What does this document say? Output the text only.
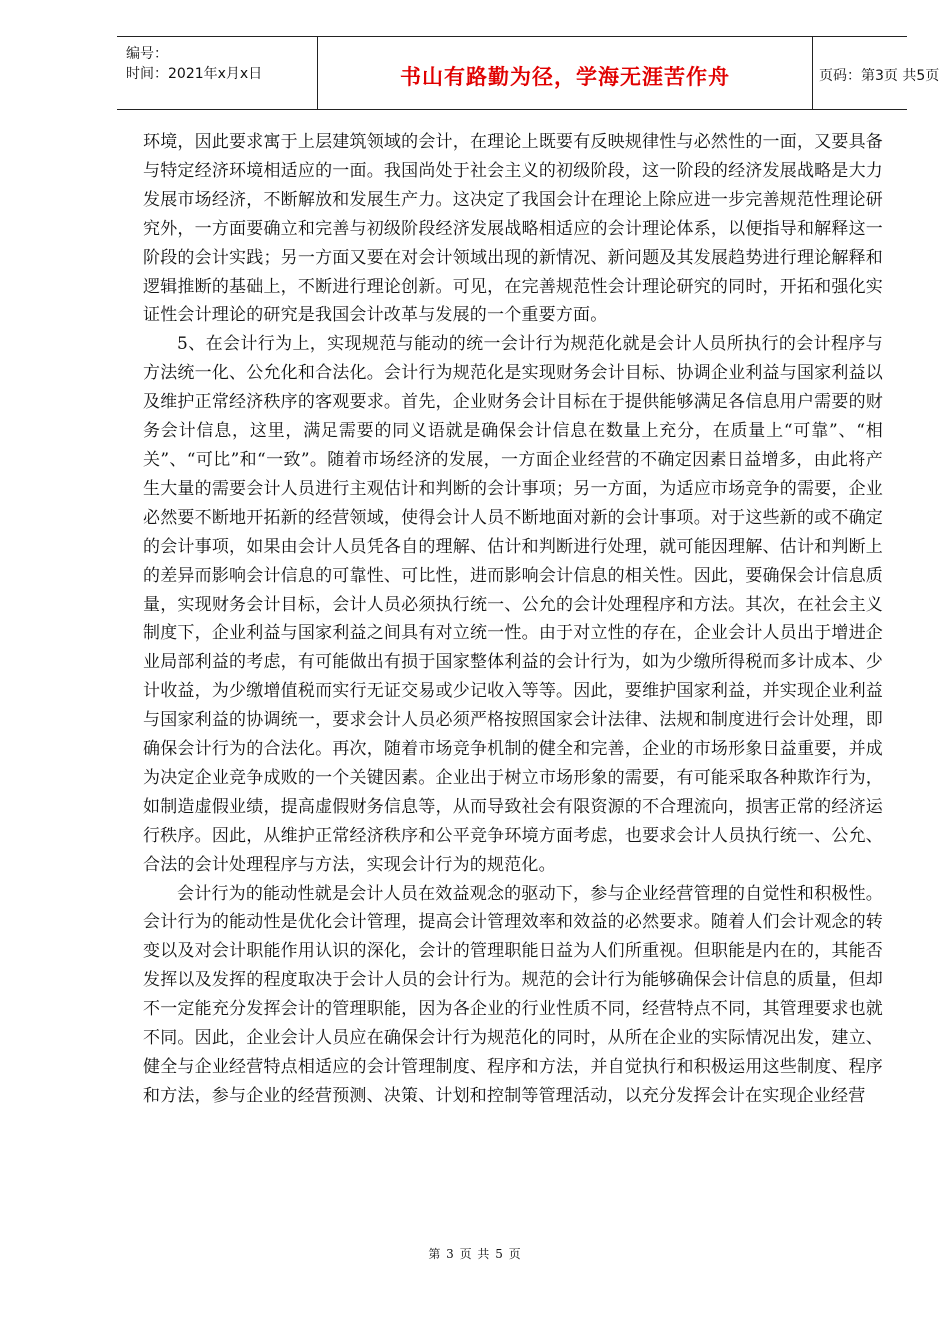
编号：
时间：2021年x月x日	书山有路勤为径，学海无涯苦作舟	页码：第3页 共5页

环境，因此要求寓于上层建筑领域的会计，在理论上既要有反映规律性与必然性的一面，又要具备与特定经济环境相适应的一面。我国尚处于社会主义的初级阶段，这一阶段的经济发展战略是大力发展市场经济，不断解放和发展生产力。这决定了我国会计在理论上除应进一步完善规范性理论研究外，一方面要确立和完善与初级阶段经济发展战略相适应的会计理论体系，以便指导和解释这一阶段的会计实践；另一方面又要在对会计领域出现的新情况、新问题及其发展趋势进行理论解释和逻辑推断的基础上，不断进行理论创新。可见，在完善规范性会计理论研究的同时，开拓和强化实证性会计理论的研究是我国会计改革与发展的一个重要方面。

5、在会计行为上，实现规范与能动的统一会计行为规范化就是会计人员所执行的会计程序与方法统一化、公允化和合法化。会计行为规范化是实现财务会计目标、协调企业利益与国家利益以及维护正常经济秩序的客观要求。首先，企业财务会计目标在于提供能够满足各信息用户需要的财务会计信息，这里，满足需要的同义语就是确保会计信息在数量上充分，在质量上“可靠”、“相关”、“可比”和“一致”。随着市场经济的发展，一方面企业经营的不确定因素日益增多，由此将产生大量的需要会计人员进行主观估计和判断的会计事项；另一方面，为适应市场竞争的需要，企业必然要不断地开拓新的经营领域，使得会计人员不断地面对新的会计事项。对于这些新的或不确定的会计事项，如果由会计人员凭各自的理解、估计和判断进行处理，就可能因理解、估计和判断上的差异而影响会计信息的可靠性、可比性，进而影响会计信息的相关性。因此，要确保会计信息质量，实现财务会计目标，会计人员必须执行统一、公允的会计处理程序和方法。其次，在社会主义制度下，企业利益与国家利益之间具有对立统一性。由于对立性的存在，企业会计人员出于增进企业局部利益的考虑，有可能做出有损于国家整体利益的会计行为，如为少缴所得税而多计成本、少计收益，为少缴增值税而实行无证交易或少记收入等等。因此，要维护国家利益，并实现企业利益与国家利益的协调统一，要求会计人员必须严格按照国家会计法律、法规和制度进行会计处理，即确保会计行为的合法化。再次，随着市场竞争机制的健全和完善，企业的市场形象日益重要，并成为决定企业竞争成败的一个关键因素。企业出于树立市场形象的需要，有可能采取各种欺诈行为，如制造虚假业绩，提高虚假财务信息等，从而导致社会有限资源的不合理流向，损害正常的经济运行秩序。因此，从维护正常经济秩序和公平竞争环境方面考虑，也要求会计人员执行统一、公允、合法的会计处理程序与方法，实现会计行为的规范化。

会计行为的能动性就是会计人员在效益观念的驱动下，参与企业经营管理的自觉性和积极性。会计行为的能动性是优化会计管理，提高会计管理效率和效益的必然要求。随着人们会计观念的转变以及对会计职能作用认识的深化，会计的管理职能日益为人们所重视。但职能是内在的，其能否发挥以及发挥的程度取决于会计人员的会计行为。规范的会计行为能够确保会计信息的质量，但却不一定能充分发挥会计的管理职能，因为各企业的行业性质不同，经营特点不同，其管理要求也就不同。因此，企业会计人员应在确保会计行为规范化的同时，从所在企业的实际情况出发，建立、健全与企业经营特点相适应的会计管理制度、程序和方法，并自觉执行和积极运用这些制度、程序和方法，参与企业的经营预测、决策、计划和控制等管理活动，以充分发挥会计在实现企业经营

第 3 页 共 5 页
